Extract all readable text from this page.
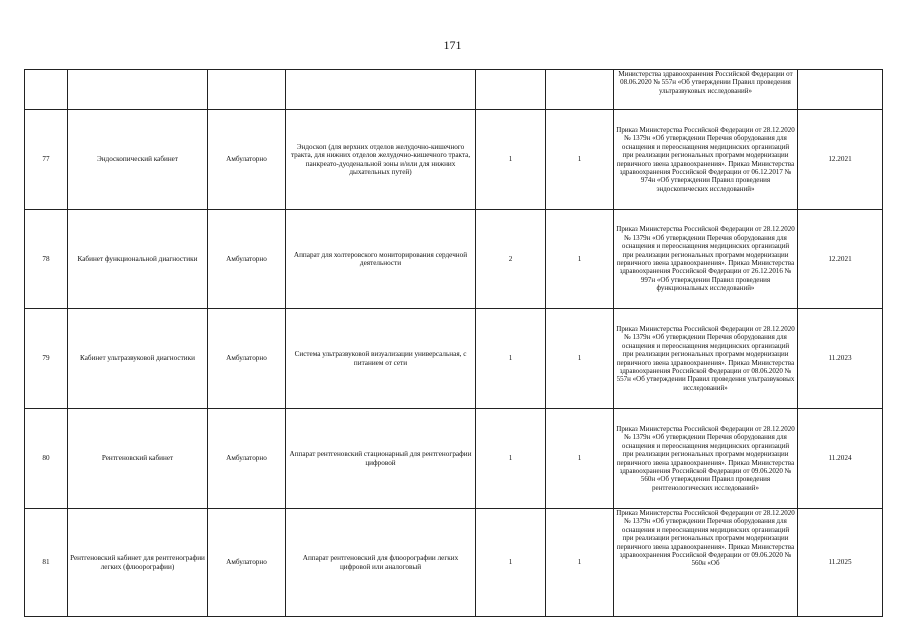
171
						Министерства здравоохранения Российской Федерации от 08.06.2020 № 557н «Об утверждении Правил проведения ультразвуковых исследований»	
77	Эндоскопический кабинет	Амбулаторно	Эндоскоп (для верхних отделов желудочно-кишечного тракта, для нижних отделов желудочно-кишечного тракта, панкреато-дуоденальной зоны и/или для нижних дыхательных путей)	1	1	Приказ Министерства Российской Федерации от 28.12.2020 № 1379н «Об утверждении Перечня оборудования для оснащения и переоснащения медицинских организаций при реализации региональных программ модернизации первичного звена здравоохранения». Приказ Министерства здравоохранения Российской Федерации от 06.12.2017 № 974н «Об утверждении Правил проведения эндоскопических исследований»	12.2021
78	Кабинет функциональной диагностики	Амбулаторно	Аппарат для холтеровского мониторирования сердечной деятельности	2	1	Приказ Министерства Российской Федерации от 28.12.2020 № 1379н «Об утверждении Перечня оборудования для оснащения и переоснащения медицинских организаций при реализации региональных программ модернизации первичного звена здравоохранения». Приказ Министерства здравоохранения Российской Федерации от 26.12.2016 № 997н «Об утверждении Правил проведения функциональных исследований»	12.2021
79	Кабинет ультразвуковой диагностики	Амбулаторно	Система ультразвуковой визуализации универсальная, с питанием от сети	1	1	Приказ Министерства Российской Федерации от 28.12.2020 № 1379н «Об утверждении Перечня оборудования для оснащения и переоснащения медицинских организаций при реализации региональных программ модернизации первичного звена здравоохранения». Приказ Министерства здравоохранения Российской Федерации от 08.06.2020 № 557н «Об утверждении Правил проведения ультразвуковых исследований»	11.2023
80	Рентгеновский кабинет	Амбулаторно	Аппарат рентгеновский стационарный для рентгенографии цифровой	1	1	Приказ Министерства Российской Федерации от 28.12.2020 № 1379н «Об утверждении Перечня оборудования для оснащения и переоснащения медицинских организаций при реализации региональных программ модернизации первичного звена здравоохранения». Приказ Министерства здравоохранения Российской Федерации от 09.06.2020 № 560н «Об утверждении Правил проведения рентгенологических исследований»	11.2024
81	Рентгеновский кабинет для рентгенографии легких (флюорографии)	Амбулаторно	Аппарат рентгеновский для флюорографии легких цифровой или аналоговый	1	1	Приказ Министерства Российской Федерации от 28.12.2020 № 1379н «Об утверждении Перечня оборудования для оснащения и переоснащения медицинских организаций при реализации региональных программ модернизации первичного звена здравоохранения». Приказ Министерства здравоохранения Российской Федерации от 09.06.2020 № 560н «Об	11.2025
